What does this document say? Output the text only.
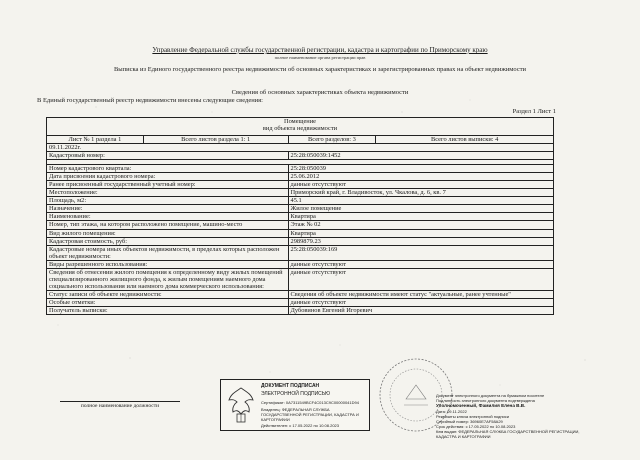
Управление Федеральной службы государственной регистрации, кадастра и картографии по Приморскому краю
полное наименование органа регистрации прав
Выписка из Единого государственного реестра недвижимости об основных характеристиках и зарегистрированных правах на объект недвижимости
Сведения об основных характеристиках объекта недвижимости
В Единый государственный реестр недвижимости внесены следующие сведения:
Раздел 1 Лист 1
Помещение
вид объекта недвижимости			

Лист № 1 раздела 1	Всего листов раздела 1: 1	Всего разделов: 3	Всего листов выписки: 4
09.11.2022г.			
Кадастровый номер:		25:28:050039:1452	

Номер кадастрового квартала:		25:28:050039	
Дата присвоения кадастрового номера:		25.06.2012	
Ранее присвоенный государственный учетный номер:		данные отсутствуют	
Местоположение:		Приморский край, г. Владивосток, ул. Чкалова, д. 6, кв. 7	
Площадь, м2:		45.1	
Назначение:		Жилое помещение	
Наименование:		Квартира	
Номер, тип этажа, на котором расположено помещение, машино-место		Этаж № 02	
Вид жилого помещения:		Квартира	
Кадастровая стоимость, руб:		2989879.23	
Кадастровые номера иных объектов недвижимости, в пределах которых расположен объект недвижимости:		25:28:050039:169	
Виды разрешенного использования:		данные отсутствуют	
Сведения об отнесении жилого помещения к определенному виду жилых помещений специализированного жилищного фонда, к жилым помещениям наемного дома социального использования или наемного дома коммерческого использования:		данные отсутствуют	
Статус записи об объекте недвижимости:		Сведения об объекте недвижимости имеют статус "актуальные, ранее учтенные"	
Особые отметки:		данные отсутствуют	
Получатель выписки:		Дубовинов Евгений Игоревич	
полное наименование должности
ДОКУМЕНТ ПОДПИСАН
ЭЛЕКТРОННОЙ ПОДПИСЬЮ
Сертификат: 0A7311549BCF4C013C9C00000041D94
Владелец: ФЕДЕРАЛЬНАЯ СЛУЖБА ГОСУДАРСТВЕННОЙ РЕГИСТРАЦИИ, КАДАСТРА И КАРТОГРАФИИ
Действителен: с 17.05.2022 по 10.08.2023
Документ электронного документа на бумажном носителе
Подлинность электронного документа подтверждена
Уполномоченный, Фамилия Елена В.В.
Дата: 09.11.2022
Реквизиты ключа электронной подписи
Серийный номер: 36960E7AF58A29
Срок действия: с 17.05.2022 по 10.08.2023
Кем выдан: ФЕДЕРАЛЬНАЯ СЛУЖБА ГОСУДАРСТВЕННОЙ РЕГИСТРАЦИИ,
КАДАСТРА И КАРТОГРАФИИ
